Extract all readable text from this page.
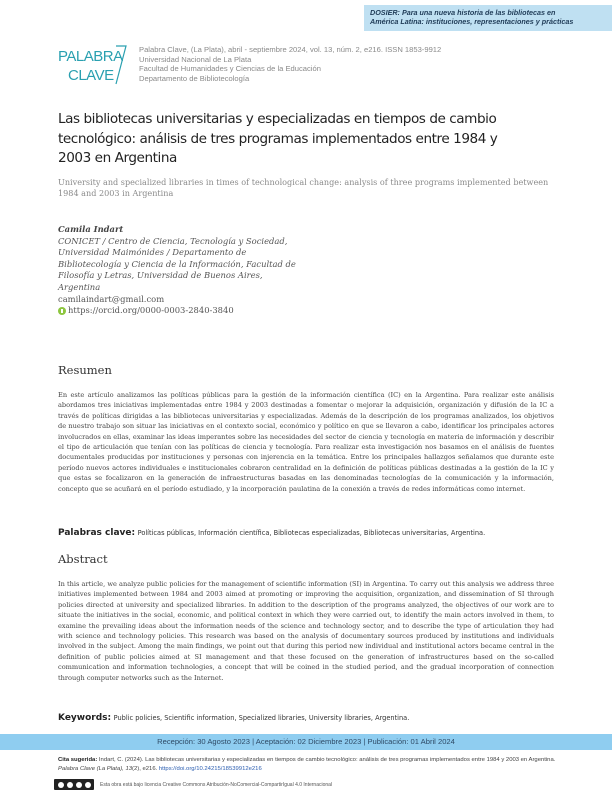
DOSIER: Para una nueva historia de las bibliotecas en
América Latina: instituciones, representaciones y prácticas
PALABRA
CLAVE
Palabra Clave, (La Plata), abril - septiembre 2024, vol. 13, núm. 2, e216. ISSN 1853-9912
Universidad Nacional de La Plata
Facultad de Humanidades y Ciencias de la Educación
Departamento de Bibliotecología
Las bibliotecas universitarias y especializadas en tiempos de cambio
tecnológico: análisis de tres programas implementados entre 1984 y
2003 en Argentina
University and specialized libraries in times of technological change: analysis of three programs implemented between
1984 and 2003 in Argentina
Camila Indart
CONICET / Centro de Ciencia, Tecnología y Sociedad,
Universidad Maimónides / Departamento de
Bibliotecología y Ciencia de la Información, Facultad de
Filosofía y Letras, Universidad de Buenos Aires,
Argentina
camilaindart@gmail.com
https://orcid.org/0000-0003-2840-3840
Resumen

En este artículo analizamos las políticas públicas para la gestión de la información científica (IC) en la Argentina. Para realizar este análisis abordamos tres iniciativas implementadas entre 1984 y 2003 destinadas a fomentar o mejorar la adquisición, organización y difusión de la IC a través de políticas dirigidas a las bibliotecas universitarias y especializadas. Además de la descripción de los programas analizados, los objetivos de nuestro trabajo son situar las iniciativas en el contexto social, económico y político en que se llevaron a cabo, identificar los principales actores involucrados en ellas, examinar las ideas imperantes sobre las necesidades del sector de ciencia y tecnología en materia de información y describir el tipo de articulación que tenían con las políticas de ciencia y tecnología. Para realizar esta investigación nos basamos en el análisis de fuentes documentales producidas por instituciones y personas con injerencia en la temática. Entre los principales hallazgos señalamos que durante este período nuevos actores individuales e institucionales cobraron centralidad en la definición de políticas públicas destinadas a la gestión de la IC y que estas se focalizaron en la generación de infraestructuras basadas en las denominadas tecnologías de la comunicación y la información, concepto que se acuñará en el período estudiado, y la incorporación paulatina de la conexión a través de redes informáticas como internet.

Palabras clave: Políticas públicas, Información científica, Bibliotecas especializadas, Bibliotecas universitarias, Argentina.
Abstract

In this article, we analyze public policies for the management of scientific information (SI) in Argentina. To carry out this analysis we address three initiatives implemented between 1984 and 2003 aimed at promoting or improving the acquisition, organization, and dissemination of SI through policies directed at university and specialized libraries. In addition to the description of the programs analyzed, the objectives of our work are to situate the initiatives in the social, economic, and political context in which they were carried out, to identify the main actors involved in them, to examine the prevailing ideas about the information needs of the science and technology sector, and to describe the type of articulation they had with science and technology policies. This research was based on the analysis of documentary sources produced by institutions and individuals involved in the subject. Among the main findings, we point out that during this period new individual and institutional actors became central in the definition of public policies aimed at SI management and that these focused on the generation of infrastructures based on the so-called communication and information technologies, a concept that will be coined in the studied period, and the gradual incorporation of connection through computer networks such as the Internet.

Keywords: Public policies, Scientific information, Specialized libraries, University libraries, Argentina.
Recepción: 30 Agosto 2023 | Aceptación: 02 Diciembre 2023 | Publicación: 01 Abril 2024
Cita sugerida: Indart, C. (2024). Las bibliotecas universitarias y especializadas en tiempos de cambio tecnológico: análisis de tres programas implementados entre 1984 y 2003 en Argentina. Palabra Clave (La Plata), 13(2), e216. https://doi.org/10.24215/18539912e216
Esta obra está bajo licencia Creative Commons Atribución-NoComercial-CompartirIgual 4.0 Internacional
